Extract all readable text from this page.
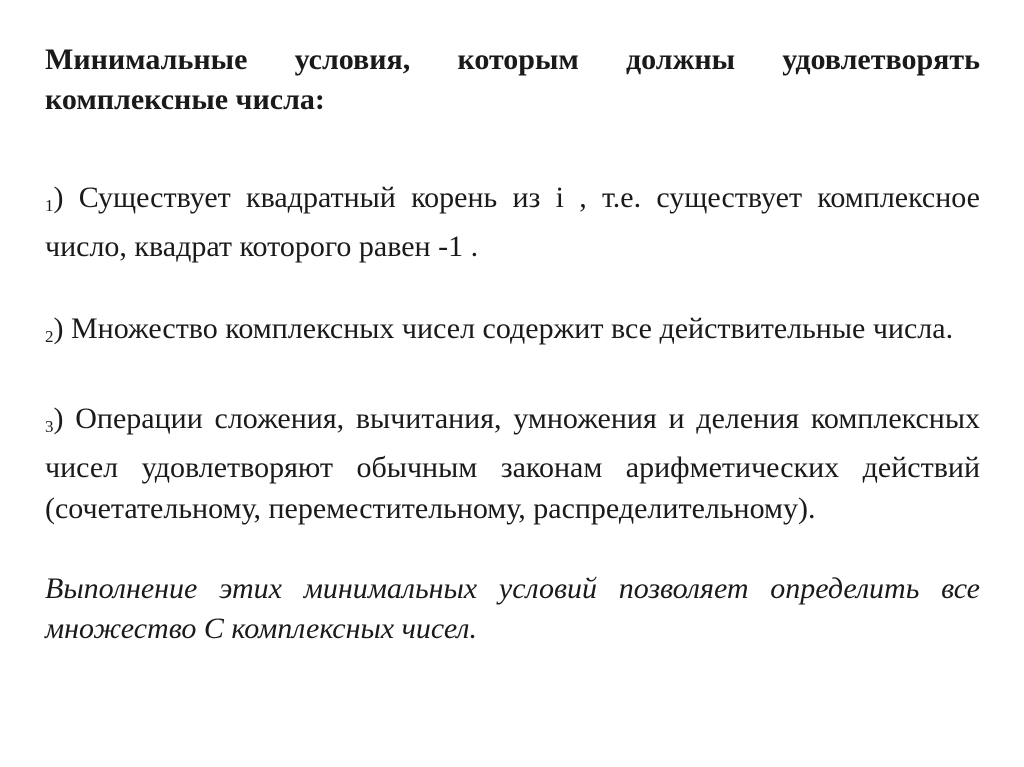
Минимальные условия, которым должны удовлетворять комплексные числа:

1) Существует квадратный корень из i , т.е. существует комплексное число, квадрат которого равен -1 .

2) Множество комплексных чисел содержит все действительные числа.

3) Операции сложения, вычитания, умножения и деления комплексных чисел удовлетворяют обычным законам арифметических действий (сочетательному, переместительному, распределительному).

Выполнение этих минимальных условий позволяет определить все множество С комплексных чисел.
